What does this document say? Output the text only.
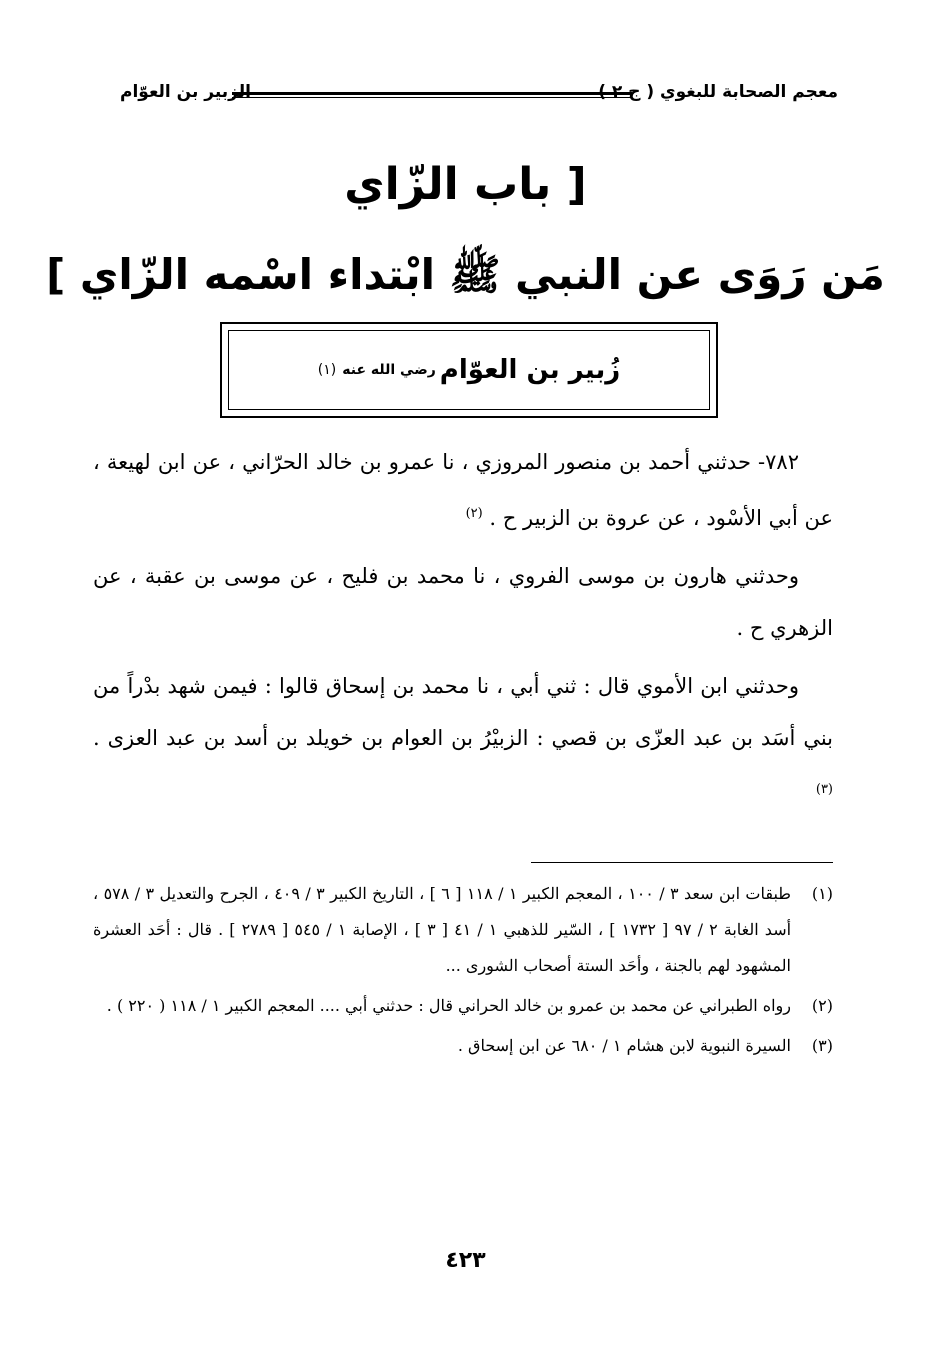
معجم الصحابة للبغوي ( ج ٢ )
الزبير بن العوّام
[ باب الزّاي
مَن رَوَى عن النبي ﷺ ابْتداء اسْمه الزّاي ]
زُبير بن العوّام
رضي الله عنه
(١)

٧٨٢- حدثني أحمد بن منصور المروزي ، نا عمرو بن خالد الحرّاني ، عن ابن لهيعة ، عن أبي الأسْود ، عن عروة بن الزبير ح . $^{(٢)}$

وحدثني هارون بن موسى الفروي ، نا محمد بن فليح ، عن موسى بن عقبة ، عن الزهري ح .

وحدثني ابن الأموي قال : ثني أبي ، نا محمد بن إسحاق قالوا : فيمن شهد بدْراً من بني أسَد بن عبد العزّى بن قصي : الزبيْرُ بن العوام بن خويلد بن أسد بن عبد العزى . $^{(٣)}$

(١)
طبقات ابن سعد ٣ / ١٠٠ ، المعجم الكبير ١ / ١١٨ [ ٦ ] ، التاريخ الكبير ٣ / ٤٠٩ ، الجرح والتعديل ٣ / ٥٧٨ ، أسد الغابة ٢ / ٩٧ [ ١٧٣٢ ] ، السّير للذهبي ١ / ٤١ [ ٣ ] ، الإصابة ١ / ٥٤٥ [ ٢٧٨٩ ] . قال : أحَد العشرة المشهود لهم بالجنة ، وأحَد الستة أصحاب الشورى ...
(٢)
رواه الطبراني عن محمد بن عمرو بن خالد الحراني قال : حدثني أبي .... المعجم الكبير ١ / ١١٨ ( ٢٢٠ ) .
(٣)
السيرة النبوية لابن هشام ١ / ٦٨٠ عن ابن إسحاق .
٤٢٣
